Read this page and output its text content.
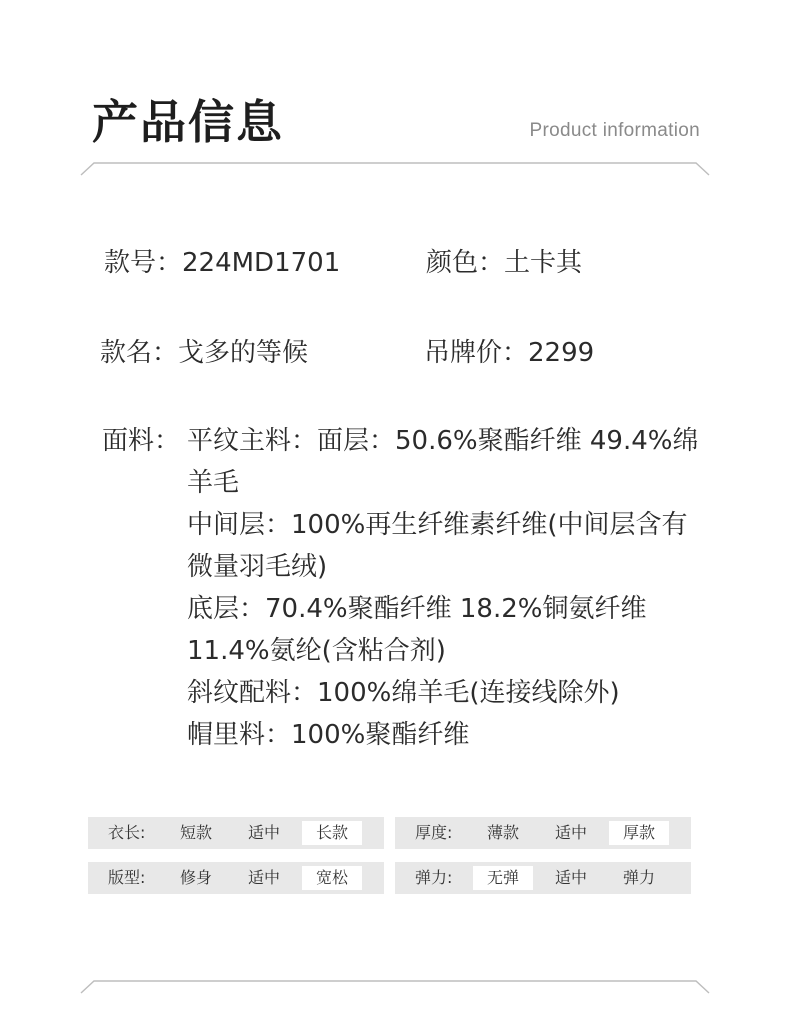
产品信息	Product information
款号：224MD1701	颜色：土卡其
款名：戈多的等候	吊牌价：2299
面料： 平纹主料：面层：50.6%聚酯纤维 49.4%绵
羊毛
中间层：100%再生纤维素纤维(中间层含有
微量羽毛绒)
底层：70.4%聚酯纤维 18.2%铜氨纤维
11.4%氨纶(含粘合剂)
斜纹配料：100%绵羊毛(连接线除外)
帽里料：100%聚酯纤维
衣长:	短款	适中	长款	厚度:	薄款	适中	厚款
版型:	修身	适中	宽松	弹力:	无弹	适中	弹力
